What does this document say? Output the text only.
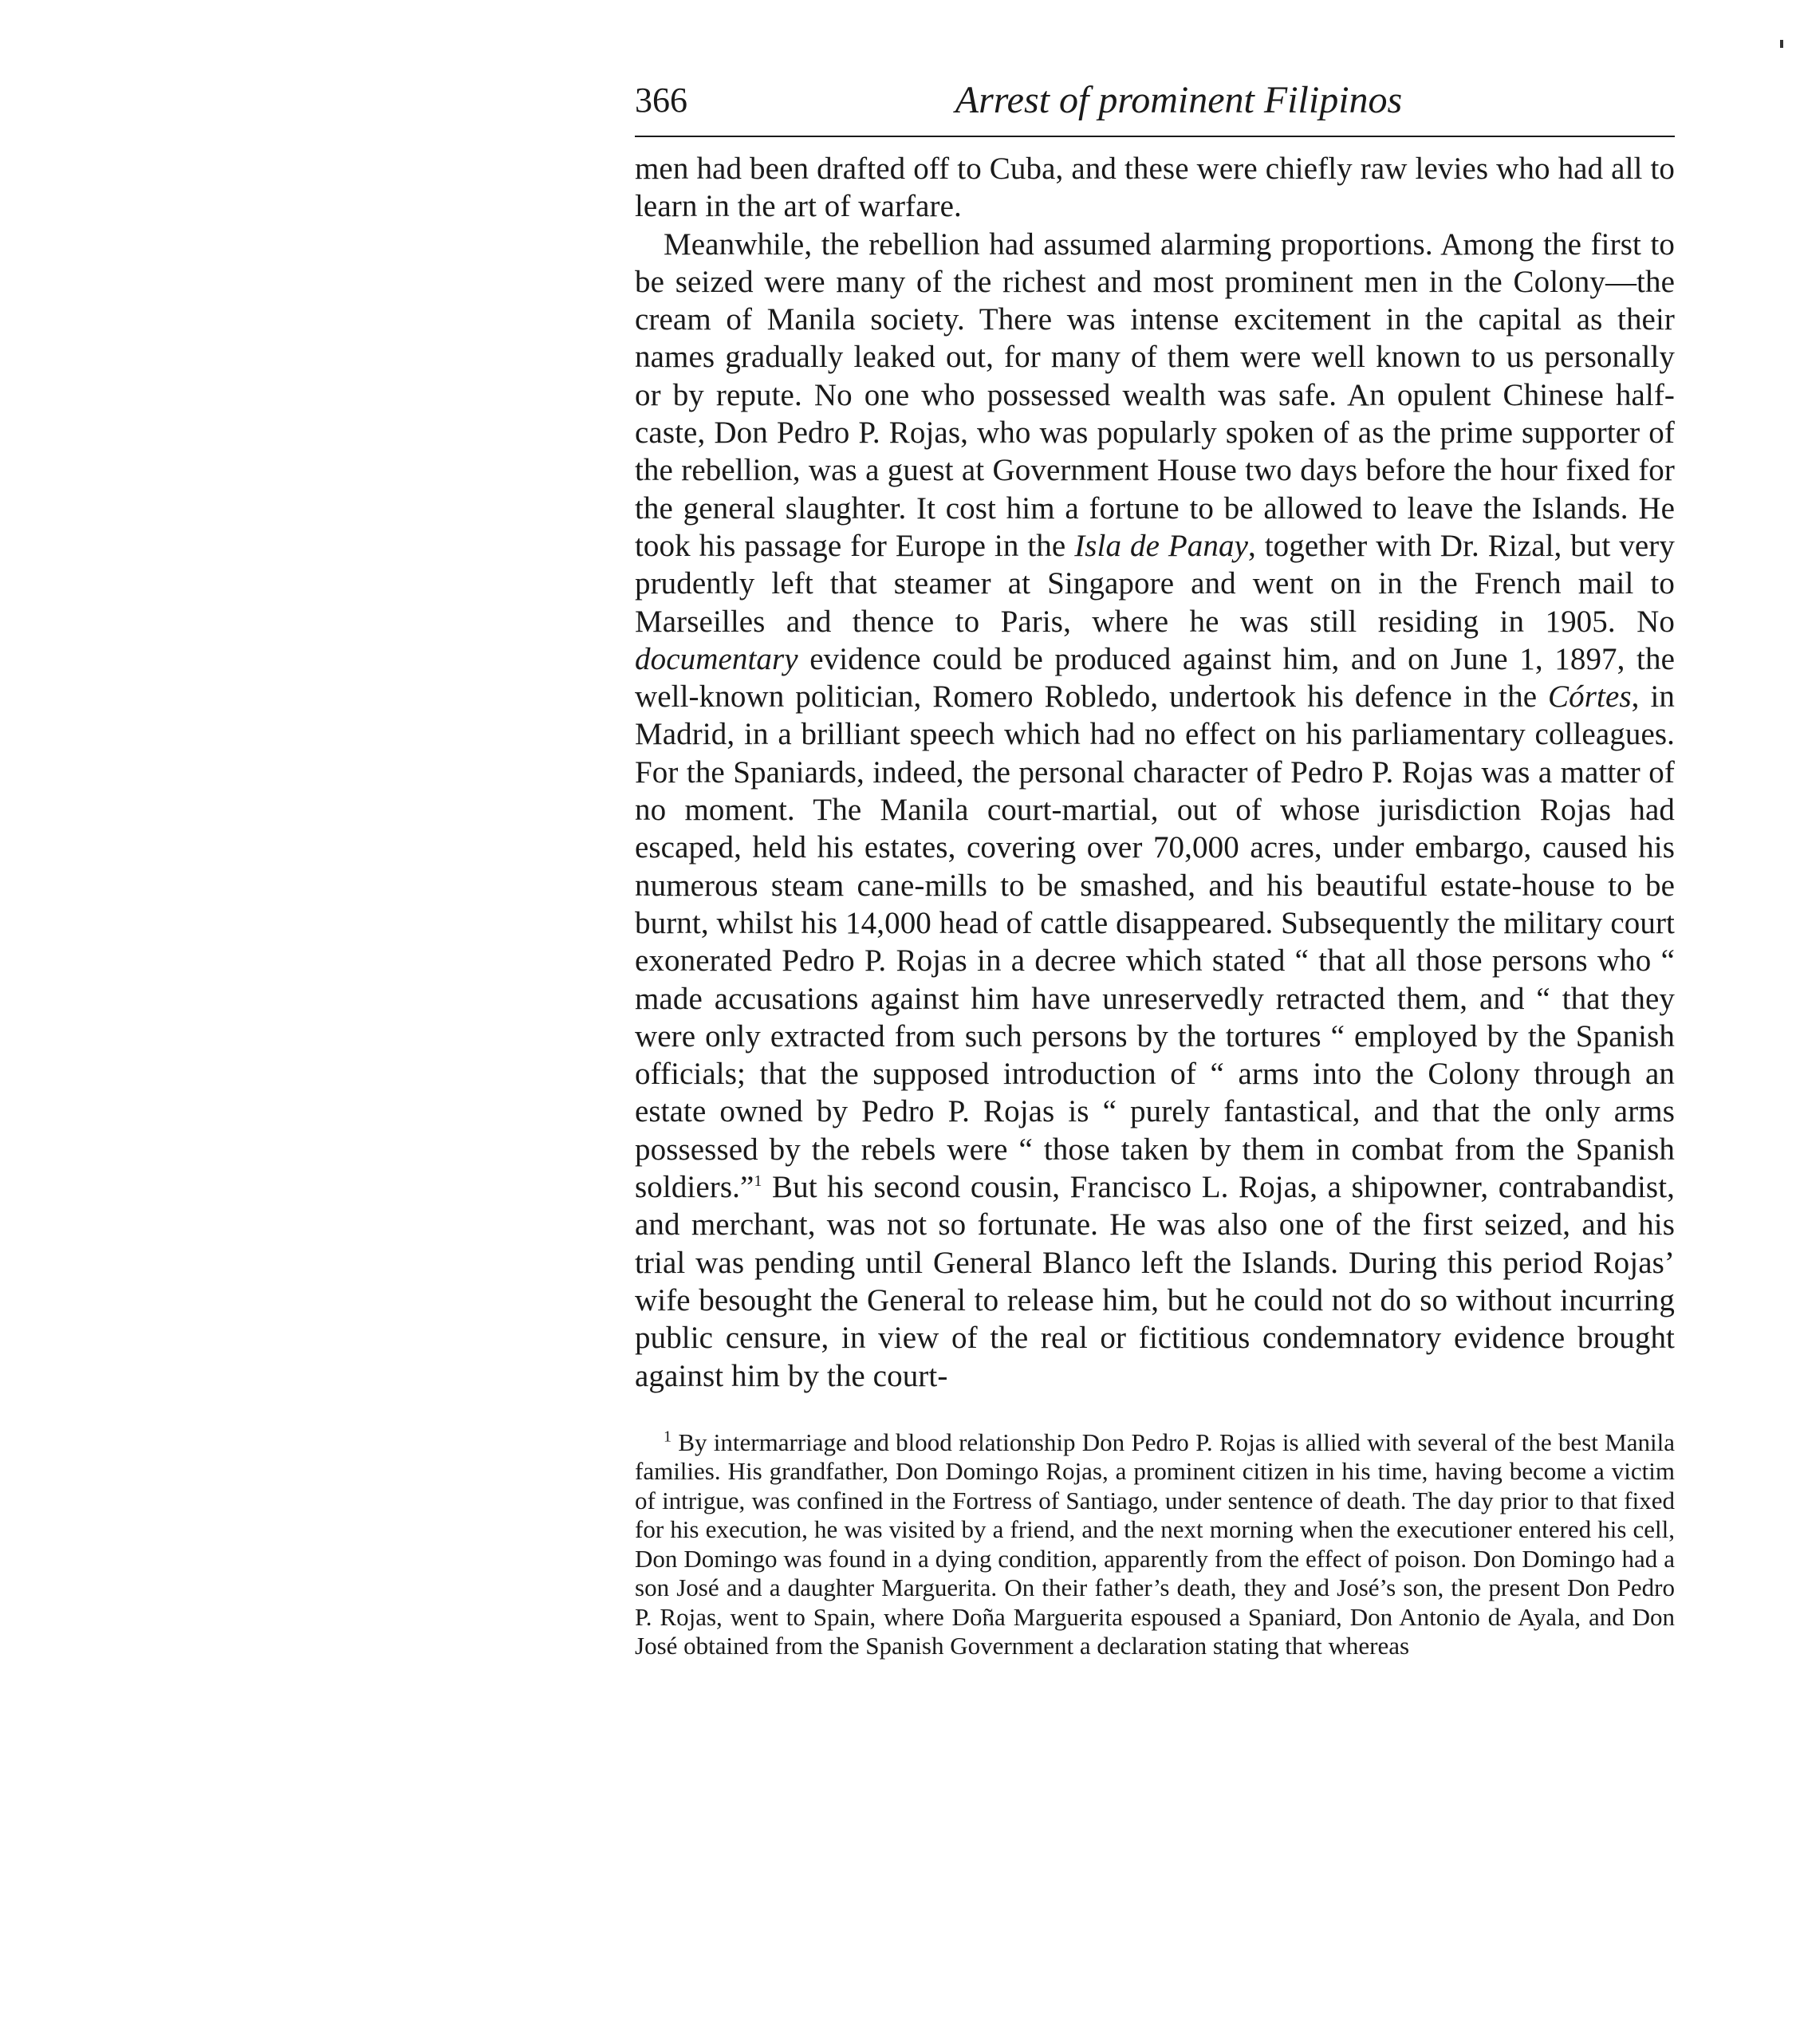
366	Arrest of prominent Filipinos

men had been drafted off to Cuba, and these were chiefly raw levies who had all to learn in the art of warfare.

Meanwhile, the rebellion had assumed alarming proportions. Among the first to be seized were many of the richest and most prominent men in the Colony—the cream of Manila society. There was intense excitement in the capital as their names gradually leaked out, for many of them were well known to us personally or by repute. No one who possessed wealth was safe. An opulent Chinese half-caste, Don Pedro P. Rojas, who was popularly spoken of as the prime supporter of the rebellion, was a guest at Government House two days before the hour fixed for the general slaughter. It cost him a fortune to be allowed to leave the Islands. He took his passage for Europe in the Isla de Panay, together with Dr. Rizal, but very prudently left that steamer at Singapore and went on in the French mail to Marseilles and thence to Paris, where he was still residing in 1905. No documentary evidence could be produced against him, and on June 1, 1897, the well-known politician, Romero Robledo, undertook his defence in the Córtes, in Madrid, in a brilliant speech which had no effect on his parliamentary colleagues. For the Spaniards, indeed, the personal character of Pedro P. Rojas was a matter of no moment. The Manila court-martial, out of whose jurisdiction Rojas had escaped, held his estates, covering over 70,000 acres, under embargo, caused his numerous steam cane-mills to be smashed, and his beautiful estate-house to be burnt, whilst his 14,000 head of cattle disappeared. Subsequently the military court exonerated Pedro P. Rojas in a decree which stated “ that all those persons who “ made accusations against him have unreservedly retracted them, and “ that they were only extracted from such persons by the tortures “ employed by the Spanish officials; that the supposed introduction of “ arms into the Colony through an estate owned by Pedro P. Rojas is “ purely fantastical, and that the only arms possessed by the rebels were “ those taken by them in combat from the Spanish soldiers.”$^1$ But his second cousin, Francisco L. Rojas, a shipowner, contrabandist, and merchant, was not so fortunate. He was also one of the first seized, and his trial was pending until General Blanco left the Islands. During this period Rojas’ wife besought the General to release him, but he could not do so without incurring public censure, in view of the real or fictitious condemnatory evidence brought against him by the court-

$^1$ By intermarriage and blood relationship Don Pedro P. Rojas is allied with several of the best Manila families. His grandfather, Don Domingo Rojas, a prominent citizen in his time, having become a victim of intrigue, was confined in the Fortress of Santiago, under sentence of death. The day prior to that fixed for his execution, he was visited by a friend, and the next morning when the executioner entered his cell, Don Domingo was found in a dying condition, apparently from the effect of poison. Don Domingo had a son José and a daughter Marguerita. On their father’s death, they and José’s son, the present Don Pedro P. Rojas, went to Spain, where Doña Marguerita espoused a Spaniard, Don Antonio de Ayala, and Don José obtained from the Spanish Government a declaration stating that whereas
